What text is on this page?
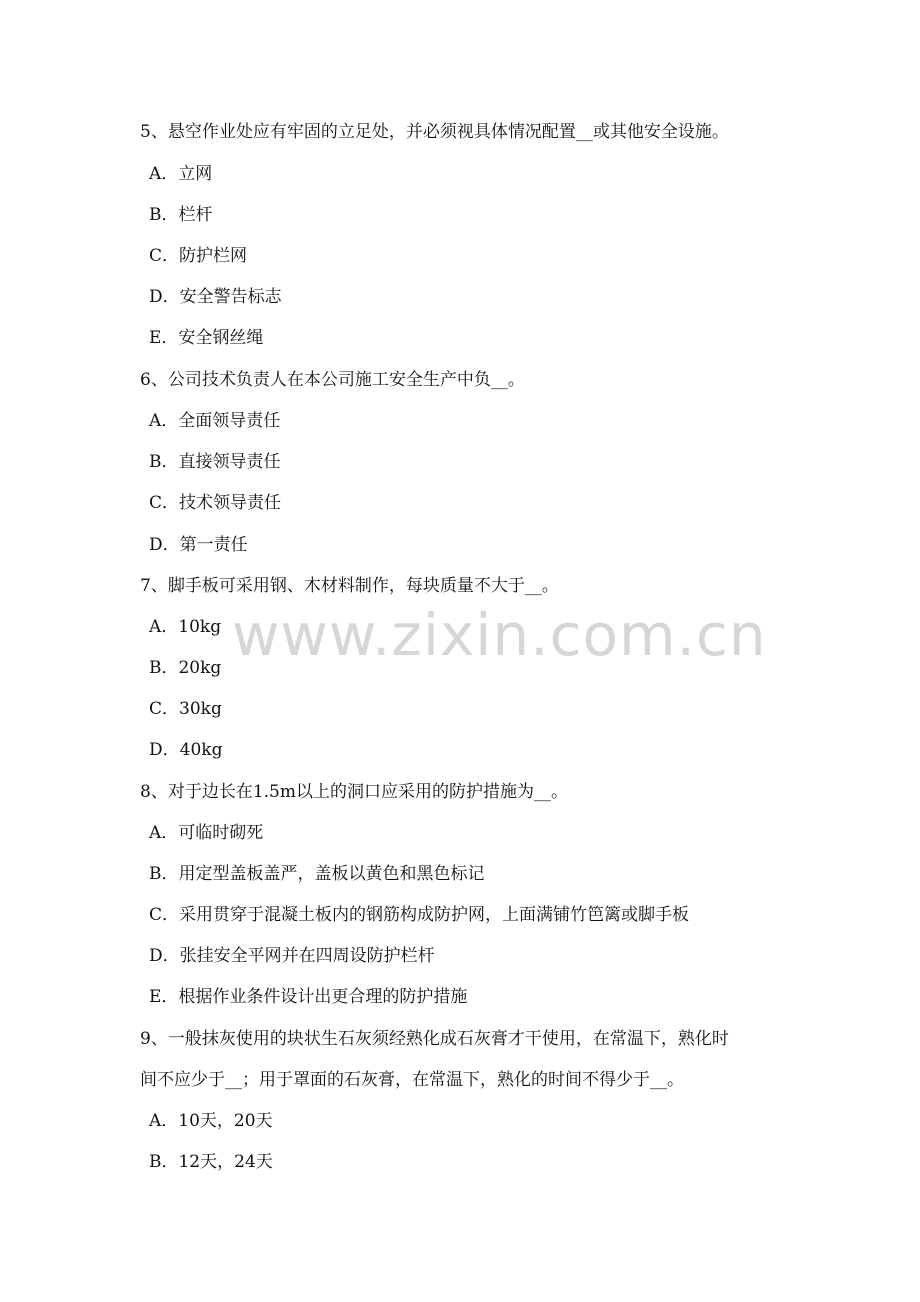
www.zixin.com.cn
5、悬空作业处应有牢固的立足处，并必须视具体情况配置__或其他安全设施。
A．立网
B．栏杆
C．防护栏网
D．安全警告标志
E．安全钢丝绳
6、公司技术负责人在本公司施工安全生产中负__。
A．全面领导责任
B．直接领导责任
C．技术领导责任
D．第一责任
7、脚手板可采用钢、木材料制作，每块质量不大于__。
A．10kg
B．20kg
C．30kg
D．40kg
8、对于边长在1.5m以上的洞口应采用的防护措施为__。
A．可临时砌死
B．用定型盖板盖严，盖板以黄色和黑色标记
C．采用贯穿于混凝土板内的钢筋构成防护网，上面满铺竹笆篱或脚手板
D．张挂安全平网并在四周设防护栏杆
E．根据作业条件设计出更合理的防护措施
9、一般抹灰使用的块状生石灰须经熟化成石灰膏才干使用，在常温下，熟化时
间不应少于__；用于罩面的石灰膏，在常温下，熟化的时间不得少于__。
A．10天，20天
B．12天，24天
